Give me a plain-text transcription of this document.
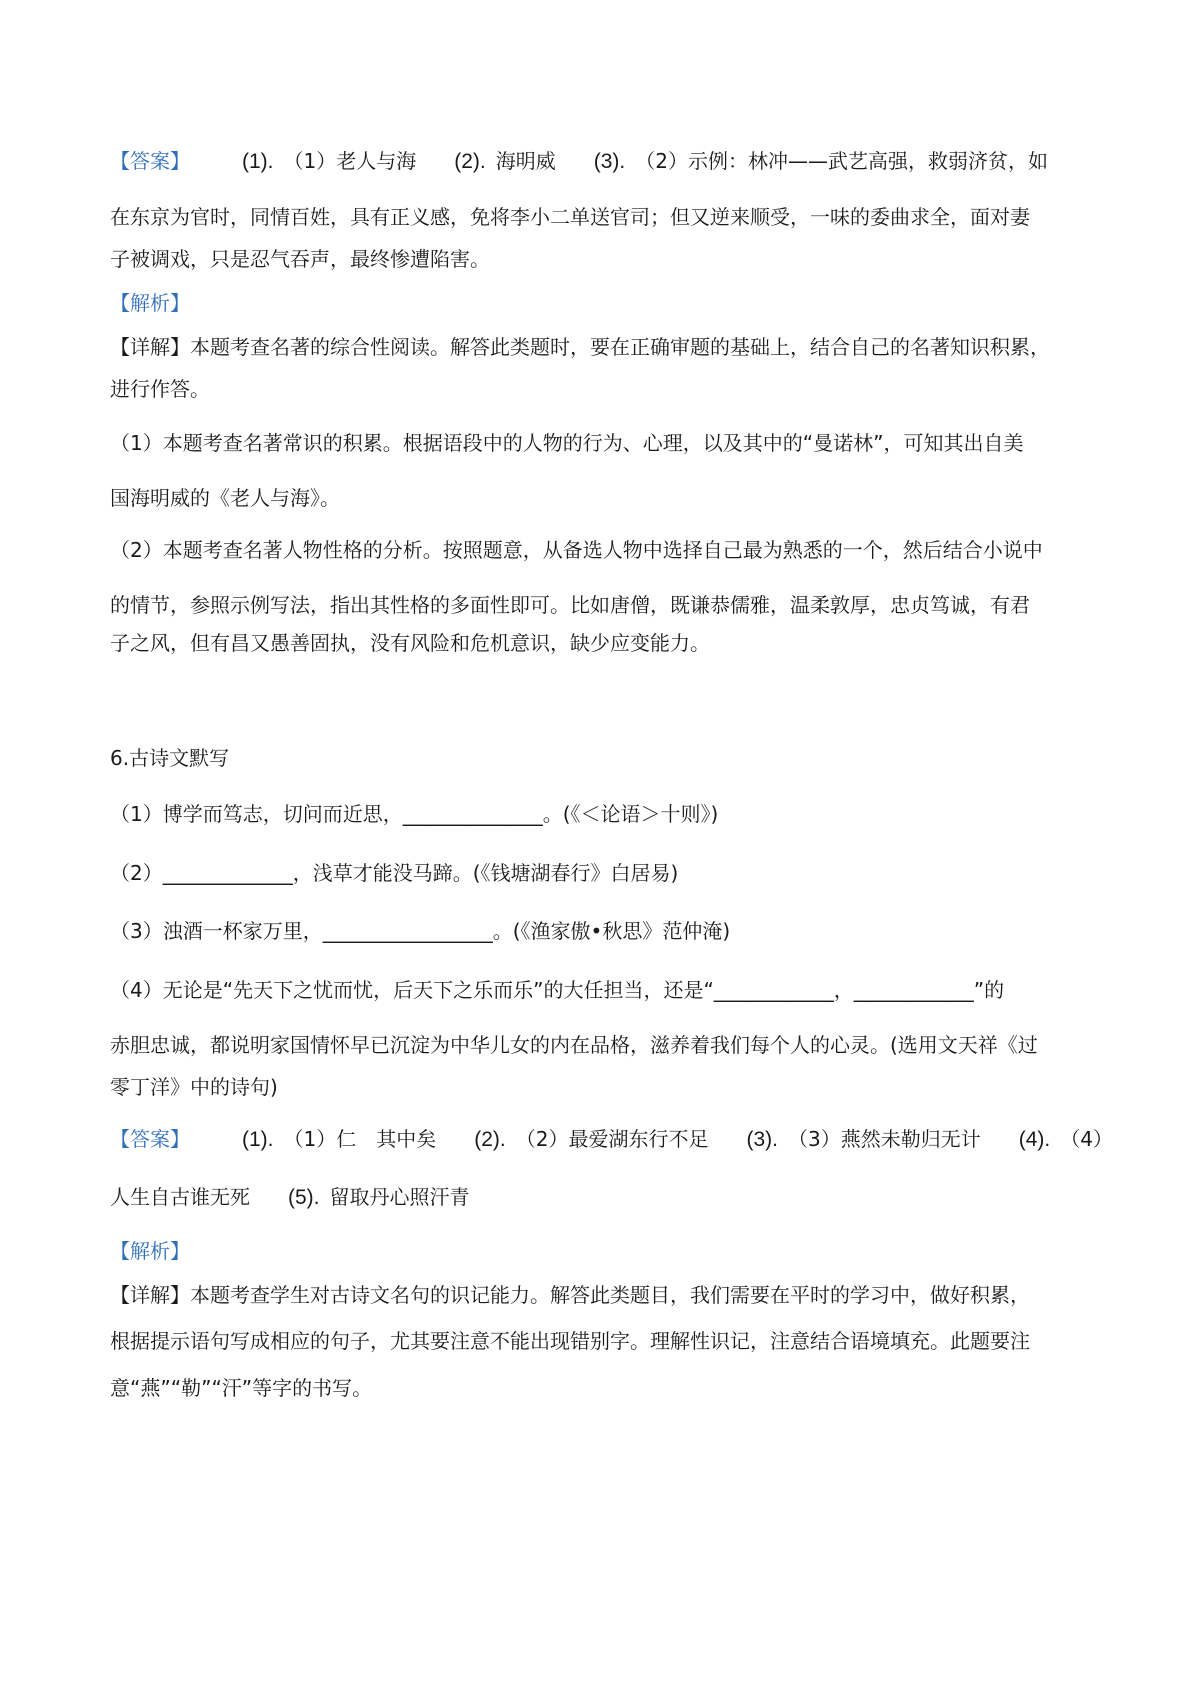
【答案】 (1). （1）老人与海 (2). 海明威 (3). （2）示例：林冲——武艺高强，救弱济贫，如
在东京为官时，同情百姓，具有正义感，免将李小二单送官司；但又逆来顺受，一味的委曲求全，面对妻
子被调戏，只是忍气吞声，最终惨遭陷害。
【解析】
【详解】本题考查名著的综合性阅读。解答此类题时，要在正确审题的基础上，结合自己的名著知识积累，
进行作答。
（1）本题考查名著常识的积累。根据语段中的人物的行为、心理，以及其中的“曼诺林”，可知其出自美
国海明威的《老人与海》。
（2）本题考查名著人物性格的分析。按照题意，从备选人物中选择自己最为熟悉的一个，然后结合小说中
的情节，参照示例写法，指出其性格的多面性即可。比如唐僧，既谦恭儒雅，温柔敦厚，忠贞笃诚，有君
子之风，但有昌又愚善固执，没有风险和危机意识，缺少应变能力。
6.古诗文默写
（1）博学而笃志，切问而近思，______________。(《＜论语＞十则》)
（2）_____________，浅草才能没马蹄。(《钱塘湖春行》白居易)
（3）浊酒一杯家万里，_________________。(《渔家傲•秋思》范仲淹)
（4）无论是“先天下之忧而忧，后天下之乐而乐”的大任担当，还是“____________，____________”的
赤胆忠诚，都说明家国情怀早已沉淀为中华儿女的内在品格，滋养着我们每个人的心灵。(选用文天祥《过
零丁洋》中的诗句)
【答案】 (1). （1）仁　其中矣 (2). （2）最爱湖东行不足 (3). （3）燕然未勒归无计 (4). （4）
人生自古谁无死 (5). 留取丹心照汗青
【解析】
【详解】本题考查学生对古诗文名句的识记能力。解答此类题目，我们需要在平时的学习中，做好积累，
根据提示语句写成相应的句子，尤其要注意不能出现错别字。理解性识记，注意结合语境填充。此题要注
意“燕”“勒”“汗”等字的书写。
